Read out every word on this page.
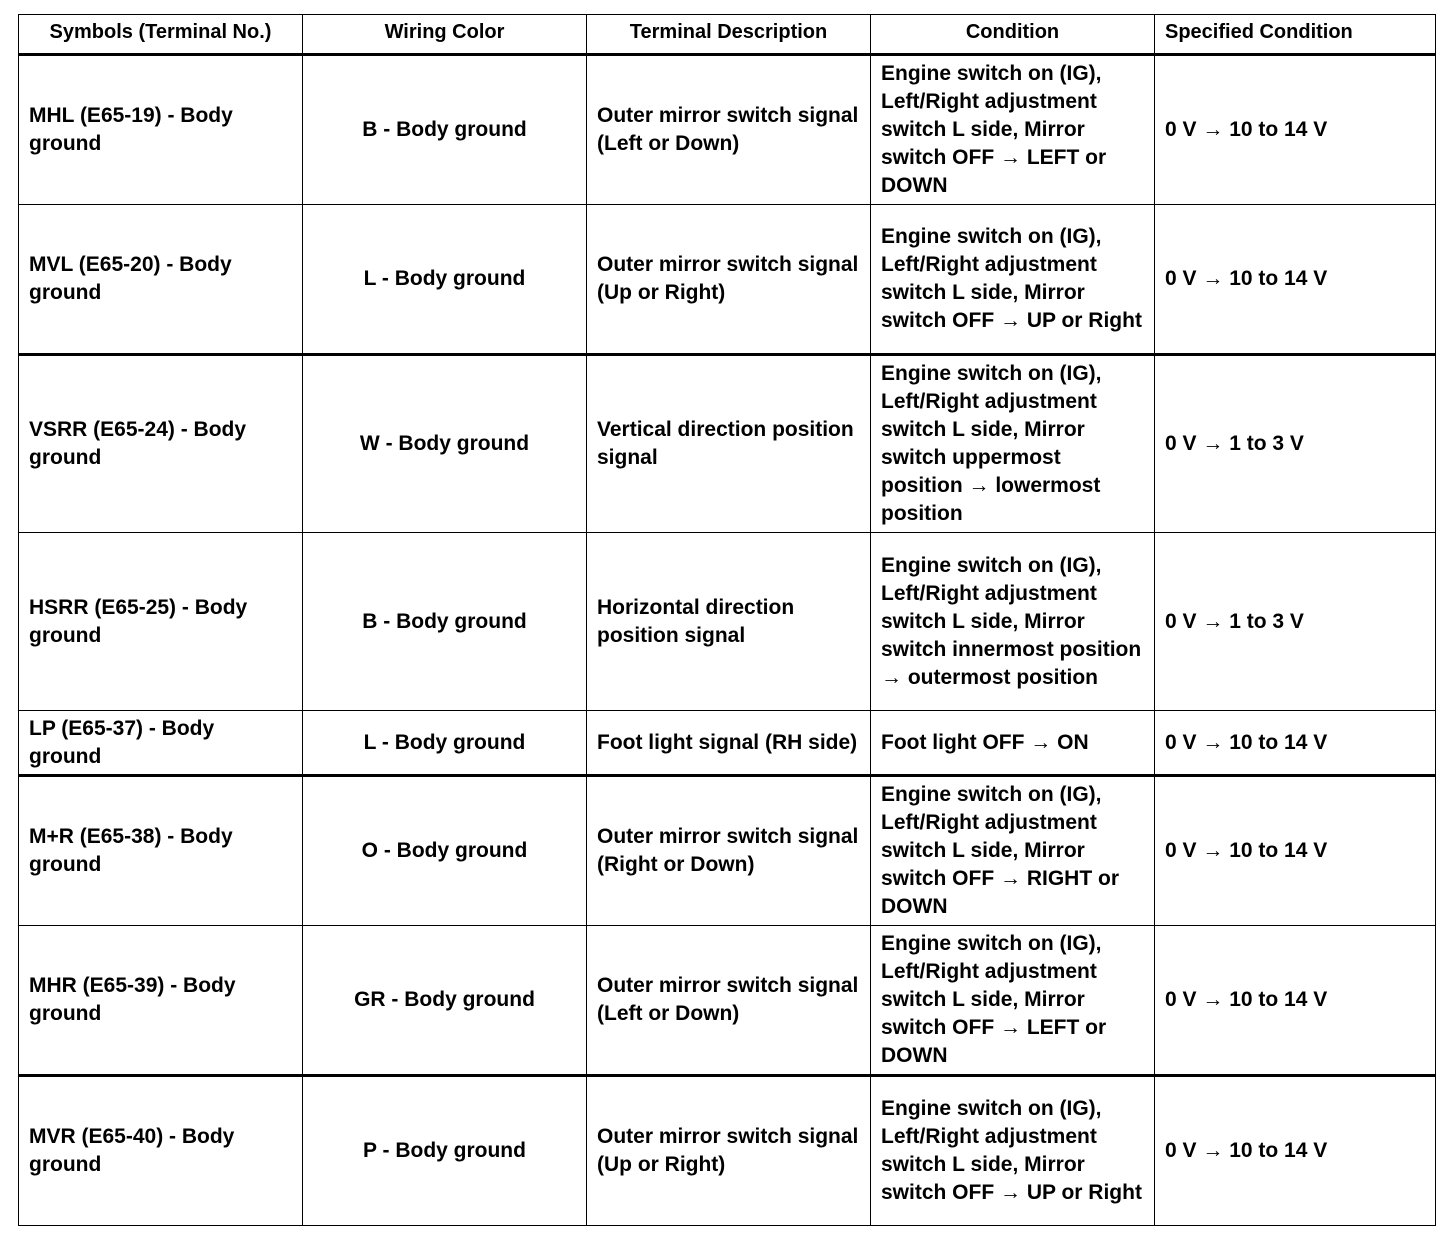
Symbols (Terminal No.)	Wiring Color	Terminal Description	Condition	Specified Condition
MHL (E65-19) - Body ground	B - Body ground	Outer mirror switch signal (Left or Down)	Engine switch on (IG), Left/Right adjustment switch L side, Mirror switch OFF → LEFT or DOWN	0 V → 10 to 14 V
MVL (E65-20) - Body ground	L - Body ground	Outer mirror switch signal (Up or Right)	Engine switch on (IG), Left/Right adjustment switch L side, Mirror switch OFF → UP or Right	0 V → 10 to 14 V
VSRR (E65-24) - Body ground	W - Body ground	Vertical direction position signal	Engine switch on (IG), Left/Right adjustment switch L side, Mirror switch uppermost position → lowermost position	0 V → 1 to 3 V
HSRR (E65-25) - Body ground	B - Body ground	Horizontal direction position signal	Engine switch on (IG), Left/Right adjustment switch L side, Mirror switch innermost position → outermost position	0 V → 1 to 3 V
LP (E65-37) - Body ground	L - Body ground	Foot light signal (RH side)	Foot light OFF → ON	0 V → 10 to 14 V
M+R (E65-38) - Body ground	O - Body ground	Outer mirror switch signal (Right or Down)	Engine switch on (IG), Left/Right adjustment switch L side, Mirror switch OFF → RIGHT or DOWN	0 V → 10 to 14 V
MHR (E65-39) - Body ground	GR - Body ground	Outer mirror switch signal (Left or Down)	Engine switch on (IG), Left/Right adjustment switch L side, Mirror switch OFF → LEFT or DOWN	0 V → 10 to 14 V
MVR (E65-40) - Body ground	P - Body ground	Outer mirror switch signal (Up or Right)	Engine switch on (IG), Left/Right adjustment switch L side, Mirror switch OFF → UP or Right	0 V → 10 to 14 V
